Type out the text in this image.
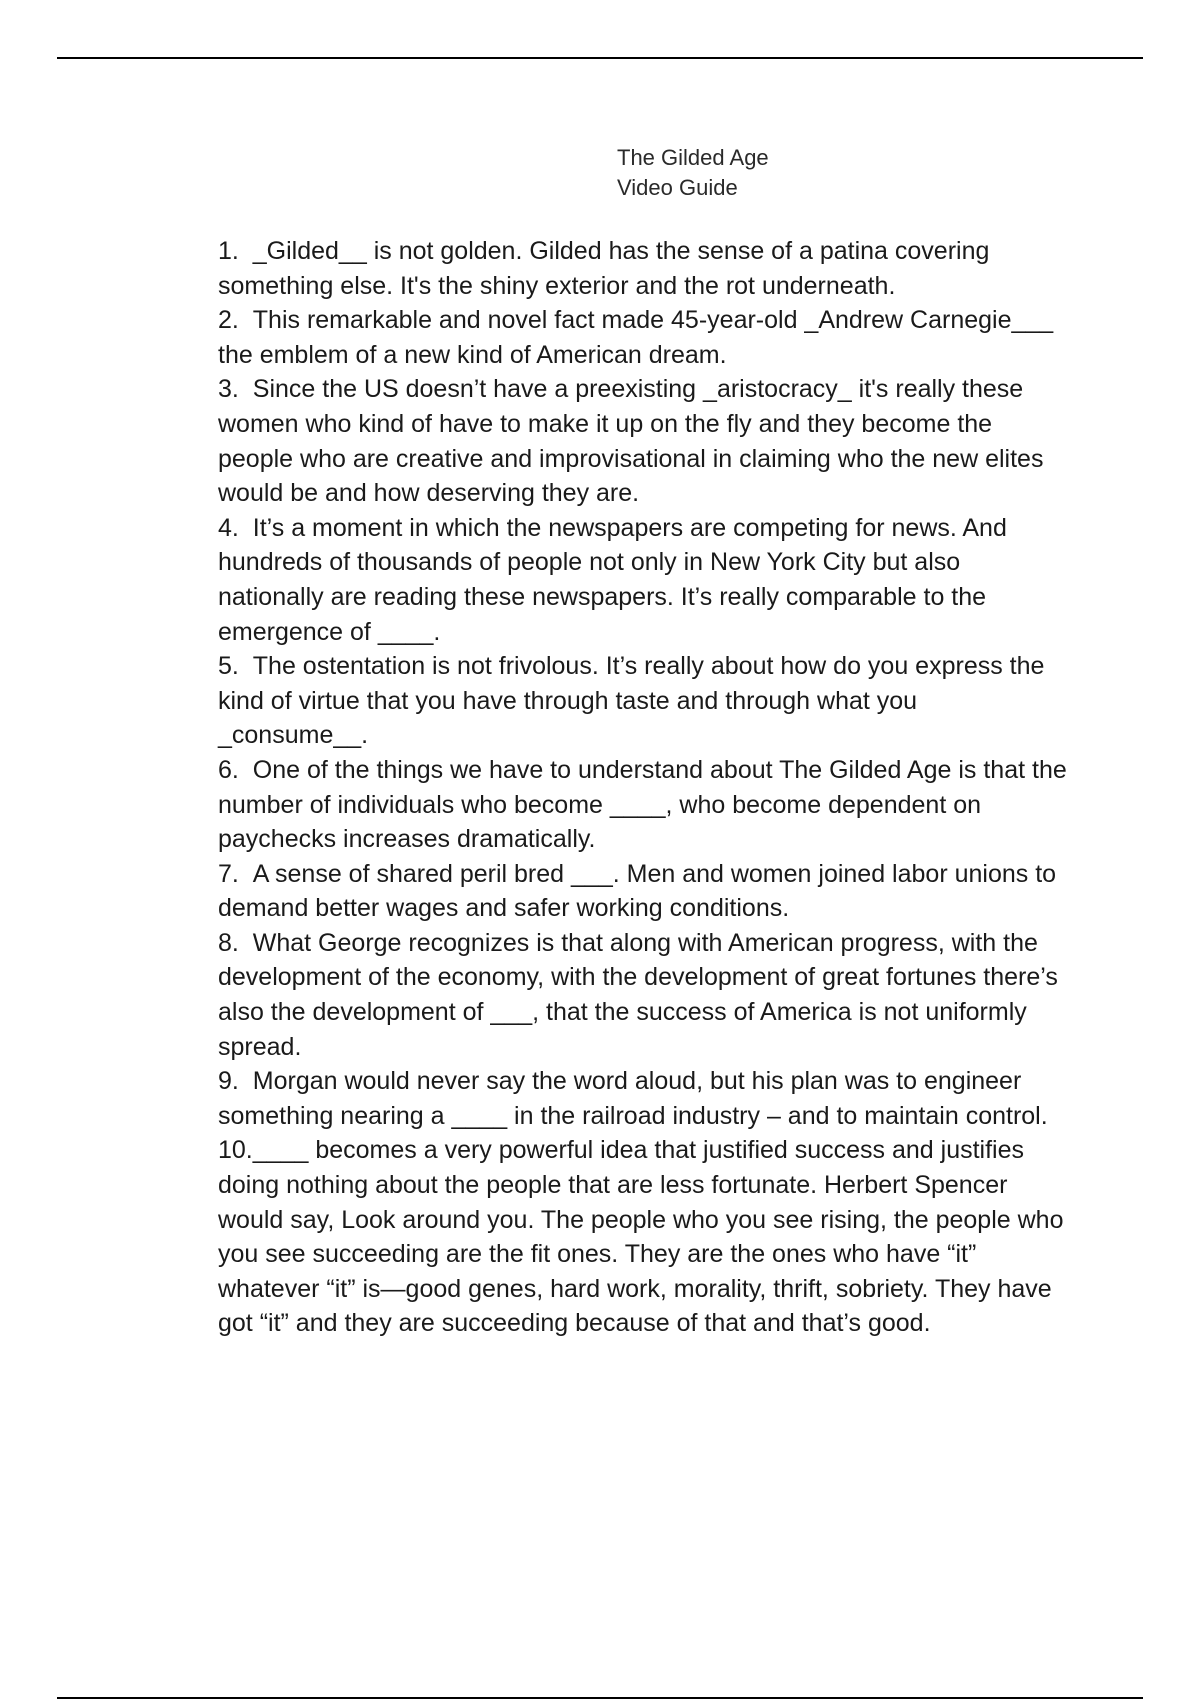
The Gilded Age
Video Guide
1. _Gilded__ is not golden. Gilded has the sense of a patina covering something else. It's the shiny exterior and the rot underneath.
2. This remarkable and novel fact made 45-year-old _Andrew Carnegie___ the emblem of a new kind of American dream.
3. Since the US doesn’t have a preexisting _aristocracy_ it's really these women who kind of have to make it up on the fly and they become the people who are creative and improvisational in claiming who the new elites would be and how deserving they are.
4. It’s a moment in which the newspapers are competing for news. And hundreds of thousands of people not only in New York City but also nationally are reading these newspapers. It’s really comparable to the emergence of ____.
5. The ostentation is not frivolous. It’s really about how do you express the kind of virtue that you have through taste and through what you _consume__.
6. One of the things we have to understand about The Gilded Age is that the number of individuals who become ____, who become dependent on paychecks increases dramatically.
7. A sense of shared peril bred ___. Men and women joined labor unions to demand better wages and safer working conditions.
8. What George recognizes is that along with American progress, with the development of the economy, with the development of great fortunes there’s also the development of ___, that the success of America is not uniformly spread.
9. Morgan would never say the word aloud, but his plan was to engineer something nearing a ____ in the railroad industry – and to maintain control.
10.____ becomes a very powerful idea that justified success and justifies doing nothing about the people that are less fortunate. Herbert Spencer would say, Look around you. The people who you see rising, the people who you see succeeding are the fit ones. They are the ones who have “it” whatever “it” is—good genes, hard work, morality, thrift, sobriety. They have got “it” and they are succeeding because of that and that’s good.
